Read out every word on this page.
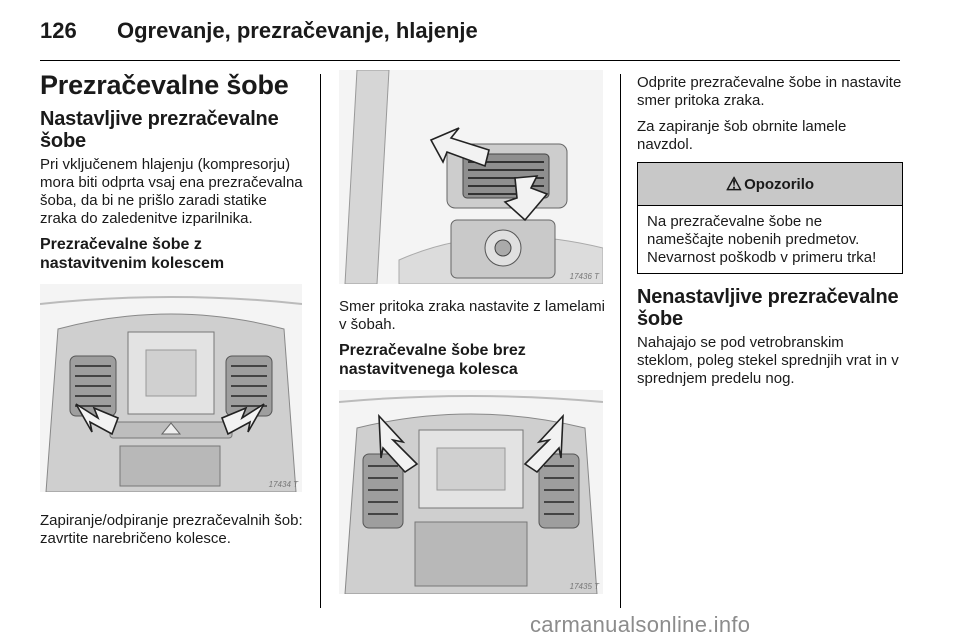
126 Ogrevanje, prezračevanje, hlajenje
Prezračevalne šobe
Nastavljive prezračevalne šobe

Pri vključenem hlajenju (kompresorju) mora biti odprta vsaj ena prezračevalna šoba, da bi ne prišlo zaradi statike zraka do zaledenitve izparilnika.

Prezračevalne šobe z nastavitvenim kolescem
17434 T

Zapiranje/odpiranje prezračevalnih šob: zavrtite narebričeno kolesce.

17436 T

Smer pritoka zraka nastavite z lamelami v šobah.

Prezračevalne šobe brez nastavitvenega kolesca
17435 T

Odprite prezračevalne šobe in nastavite smer pritoka zraka.

Za zapiranje šob obrnite lamele navzdol.

⚠ Opozorilo
Na prezračevalne šobe ne nameščajte nobenih predmetov. Nevarnost poškodb v primeru trka!
Nenastavljive prezračevalne šobe

Nahajajo se pod vetrobranskim steklom, poleg stekel sprednjih vrat in v sprednjem predelu nog.

carmanualsonline.info
